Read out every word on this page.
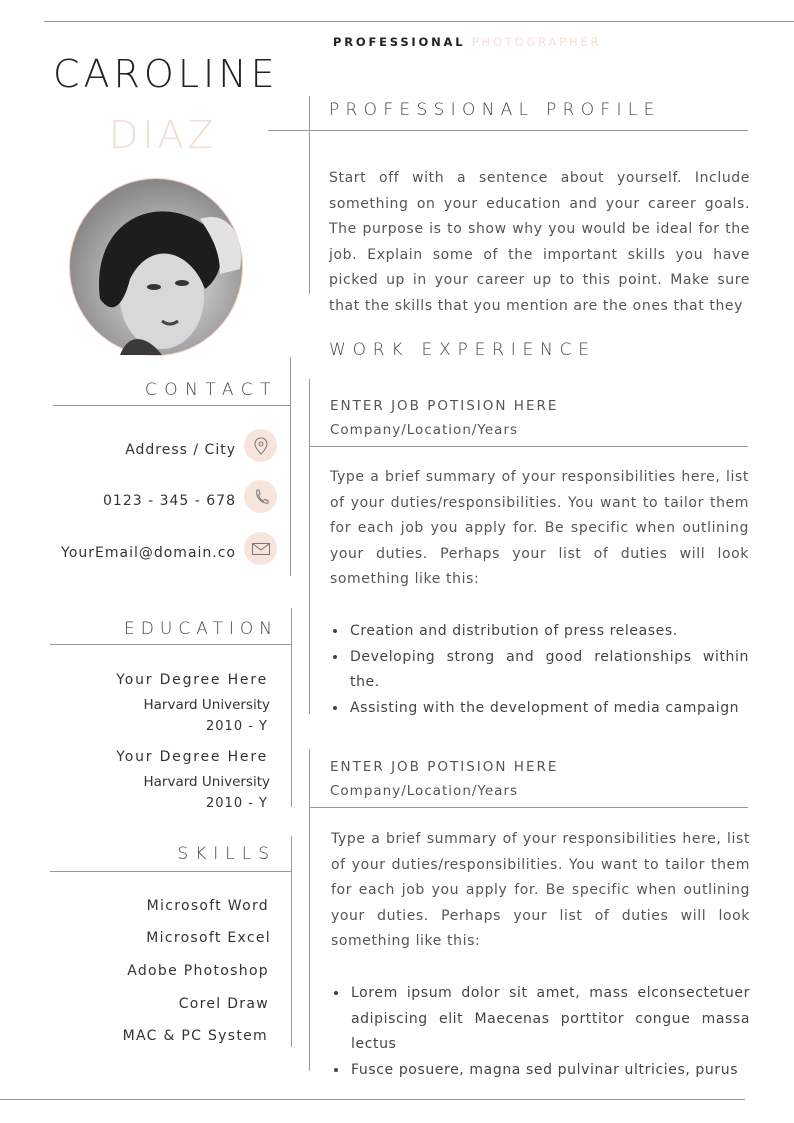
PROFESSIONAL PHOTOGRAPHER
CAROLINE
DIAZ
CONTACT
Address / City
0123 - 345 - 678
YourEmail@domain.co
EDUCATION
Your Degree Here
Harvard University
2010 - Y
Your Degree Here
Harvard University
2010 - Y
SKILLS
Microsoft Word
Microsoft Excel
Adobe Photoshop
Corel Draw
MAC & PC System
PROFESSIONAL PROFILE

Start off with a sentence about yourself. Include something on your education and your career goals. The purpose is to show why you would be ideal for the job. Explain some of the important skills you have picked up in your career up to this point. Make sure that the skills that you mention are the ones that they

WORK EXPERIENCE
ENTER JOB POTISION HERE
Company/Location/Years

Type a brief summary of your responsibilities here, list of your duties/responsibilities. You want to tailor them for each job you apply for. Be specific when outlining your duties. Perhaps your list of duties will look something like this:

• Creation and distribution of press releases.
• Developing strong and good relationships within the.
• Assisting with the development of media campaign
ENTER JOB POTISION HERE
Company/Location/Years

Type a brief summary of your responsibilities here, list of your duties/responsibilities. You want to tailor them for each job you apply for. Be specific when outlining your duties. Perhaps your list of duties will look something like this:

• Lorem ipsum dolor sit amet, mass elconsectetuer adipiscing elit Maecenas porttitor congue massa lectus
• Fusce posuere, magna sed pulvinar ultricies, purus
